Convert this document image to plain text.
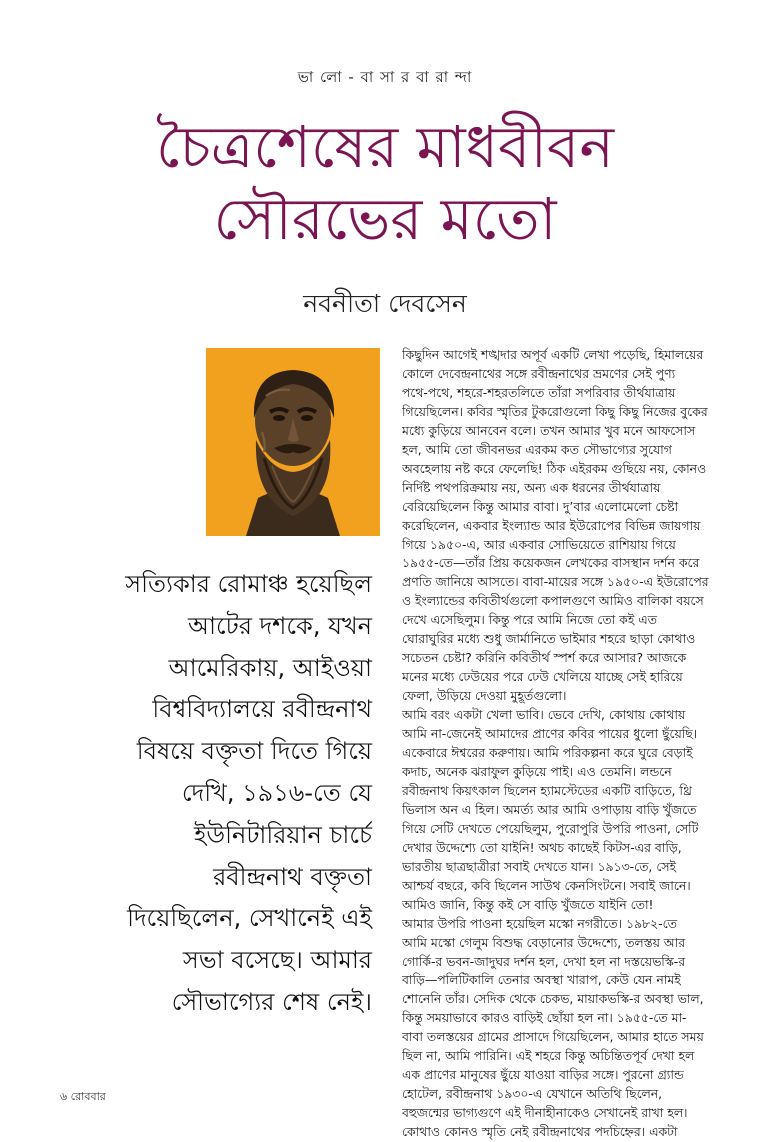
ভা লো - বা সা র বা রা ন্দা
চৈত্রশেষের মাধবীবন
সৌরভের মতো
নবনীতা দেবসেন
সত্যিকার রোমাঞ্চ হয়েছিল
আটের দশকে, যখন
আমেরিকায়, আইওয়া
বিশ্ববিদ্যালয়ে রবীন্দ্রনাথ
বিষয়ে বক্তৃতা দিতে গিয়ে
দেখি, ১৯১৬-তে যে
ইউনিটারিয়ান চার্চে
রবীন্দ্রনাথ বক্তৃতা
দিয়েছিলেন, সেখানেই এই
সভা বসেছে। আমার
সৌভাগ্যের শেষ নেই।
কিছুদিন আগেই শঙ্খদার অপূর্ব একটি লেখা পড়েছি, হিমালয়ের
কোলে দেবেন্দ্রনাথের সঙ্গে রবীন্দ্রনাথের ভ্রমণের সেই পুণ্য
পথে-পথে, শহরে-শহরতলিতে তাঁরা সপরিবার তীর্থযাত্রায়
গিয়েছিলেন। কবির স্মৃতির টুকরোগুলো কিছু কিছু নিজের বুকের
মধ্যে কুড়িয়ে আনবেন বলে। তখন আমার খুব মনে আফসোস
হল, আমি তো জীবনভর এরকম কত সৌভাগ্যের সুযোগ
অবহেলায় নষ্ট করে ফেলেছি! ঠিক এইরকম গুছিয়ে নয়, কোনও
নির্দিষ্ট পথপরিক্রমায় নয়, অন্য এক ধরনের তীর্থযাত্রায়
বেরিয়েছিলেন কিন্তু আমার বাবা। দু’বার এলোমেলো চেষ্টা
করেছিলেন, একবার ইংল্যান্ড আর ইউরোপের বিভিন্ন জায়গায়
গিয়ে ১৯৫০-এ, আর একবার সোভিয়েতে রাশিয়ায় গিয়ে
১৯৫৫-তে—তাঁর প্রিয় কয়েকজন লেখকের বাসস্থান দর্শন করে
প্রণতি জানিয়ে আসতে। বাবা-মায়ের সঙ্গে ১৯৫০-এ ইউরোপের
ও ইংল্যান্ডের কবিতীর্থগুলো কপালগুণে আমিও বালিকা বয়সে
দেখে এসেছিলুম। কিন্তু পরে আমি নিজে তো কই এত
ঘোরাঘুরির মধ্যে শুধু জার্মানিতে ভাইমার শহরে ছাড়া কোথাও
সচেতন চেষ্টা? করিনি কবিতীর্থ স্পর্শ করে আসার? আজকে
মনের মধ্যে ঢেউয়ের পরে ঢেউ খেলিয়ে যাচ্ছে সেই হারিয়ে
ফেলা, উড়িয়ে দেওয়া মুহূর্তগুলো।
আমি বরং একটা খেলা ভাবি। ভেবে দেখি, কোথায় কোথায়
আমি না-জেনেই আমাদের প্রাণের কবির পায়ের ধুলো ছুঁয়েছি।
একেবারে ঈশ্বরের করুণায়। আমি পরিকল্পনা করে ঘুরে বেড়াই
কদাচ, অনেক ঝরাফুল কুড়িয়ে পাই। এও তেমনি। লন্ডনে
রবীন্দ্রনাথ কিয়ৎকাল ছিলেন হ্যামস্টেডের একটি বাড়িতে, থ্রি
ভিলাস অন এ হিল। অমর্ত্য আর আমি ওপাড়ায় বাড়ি খুঁজতে
গিয়ে সেটি দেখতে পেয়েছিলুম, পুরোপুরি উপরি পাওনা, সেটি
দেখার উদ্দেশ্যে তো যাইনি! অথচ কাছেই কিটস-এর বাড়ি,
ভারতীয় ছাত্রছাত্রীরা সবাই দেখতে যান। ১৯১৩-তে, সেই
আশ্চর্য বছরে, কবি ছিলেন সাউথ কেনসিংটনে। সবাই জানে।
আমিও জানি, কিন্তু কই সে বাড়ি খুঁজতে যাইনি তো!
আমার উপরি পাওনা হয়েছিল মস্কো নগরীতে। ১৯৮২-তে
আমি মস্কো গেলুম বিশুদ্ধ বেড়ানোর উদ্দেশ্যে, তলস্তয় আর
গোর্কি-র ভবন-জাদুঘর দর্শন হল, দেখা হল না দস্তয়েভস্কি-র
বাড়ি—পলিটিকালি তেনার অবস্থা খারাপ, কেউ যেন নামই
শোনেনি তাঁর। সেদিক থেকে চেকভ, মায়াকভস্কি-র অবস্থা ভাল,
কিন্তু সময়াভাবে কারও বাড়িই ছোঁয়া হল না। ১৯৫৫-তে মা-
বাবা তলস্তয়ের গ্রামের প্রাসাদে গিয়েছিলেন, আমার হাতে সময়
ছিল না, আমি পারিনি। এই শহরে কিন্তু অচিন্তিতপূর্ব দেখা হল
এক প্রাণের মানুষের ছুঁয়ে যাওয়া বাড়ির সঙ্গে। পুরনো গ্র্যান্ড
হোটেল, রবীন্দ্রনাথ ১৯৩০-এ যেখানে অতিথি ছিলেন,
বহুজন্মের ভাগ্যগুণে এই দীনাহীনাকেও সেখানেই রাখা হল।
কোথাও কোনও স্মৃতি নেই রবীন্দ্রনাথের পদচিহ্নের। একটা
৬ রোববার
